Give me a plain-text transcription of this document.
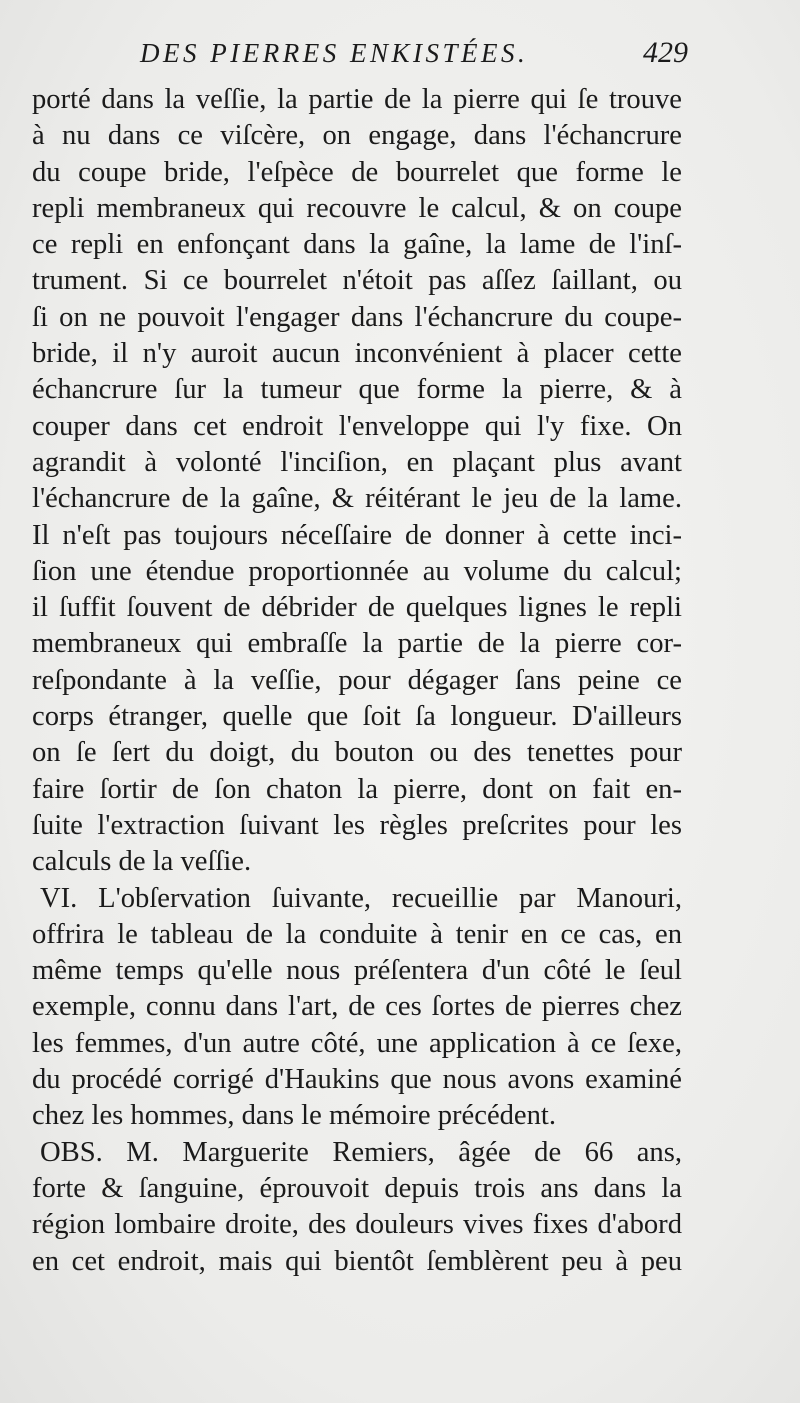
DES PIERRES ENKISTÉES.	429
porté dans la veſſie, la partie de la pierre qui ſe trouve
à nu dans ce viſcère, on engage, dans l'échancrure
du coupe bride, l'eſpèce de bourrelet que forme le
repli membraneux qui recouvre le calcul, & on coupe
ce repli en enfonçant dans la gaîne, la lame de l'inſ-
trument. Si ce bourrelet n'étoit pas aſſez ſaillant, ou
ſi on ne pouvoit l'engager dans l'échancrure du coupe-
bride, il n'y auroit aucun inconvénient à placer cette
échancrure ſur la tumeur que forme la pierre, & à
couper dans cet endroit l'enveloppe qui l'y fixe. On
agrandit à volonté l'inciſion, en plaçant plus avant
l'échancrure de la gaîne, & réitérant le jeu de la lame.
Il n'eſt pas toujours néceſſaire de donner à cette inci-
ſion une étendue proportionnée au volume du calcul;
il ſuffit ſouvent de débrider de quelques lignes le repli
membraneux qui embraſſe la partie de la pierre cor-
reſpondante à la veſſie, pour dégager ſans peine ce
corps étranger, quelle que ſoit ſa longueur. D'ailleurs
on ſe ſert du doigt, du bouton ou des tenettes pour
faire ſortir de ſon chaton la pierre, dont on fait en-
ſuite l'extraction ſuivant les règles preſcrites pour les
calculs de la veſſie.
VI. L'obſervation ſuivante, recueillie par Manouri,
offrira le tableau de la conduite à tenir en ce cas, en
même temps qu'elle nous préſentera d'un côté le ſeul
exemple, connu dans l'art, de ces ſortes de pierres chez
les femmes, d'un autre côté, une application à ce ſexe,
du procédé corrigé d'Haukins que nous avons examiné
chez les hommes, dans le mémoire précédent.
OBS. M. Marguerite Remiers, âgée de 66 ans,
forte & ſanguine, éprouvoit depuis trois ans dans la
région lombaire droite, des douleurs vives fixes d'abord
en cet endroit, mais qui bientôt ſemblèrent peu à peu
